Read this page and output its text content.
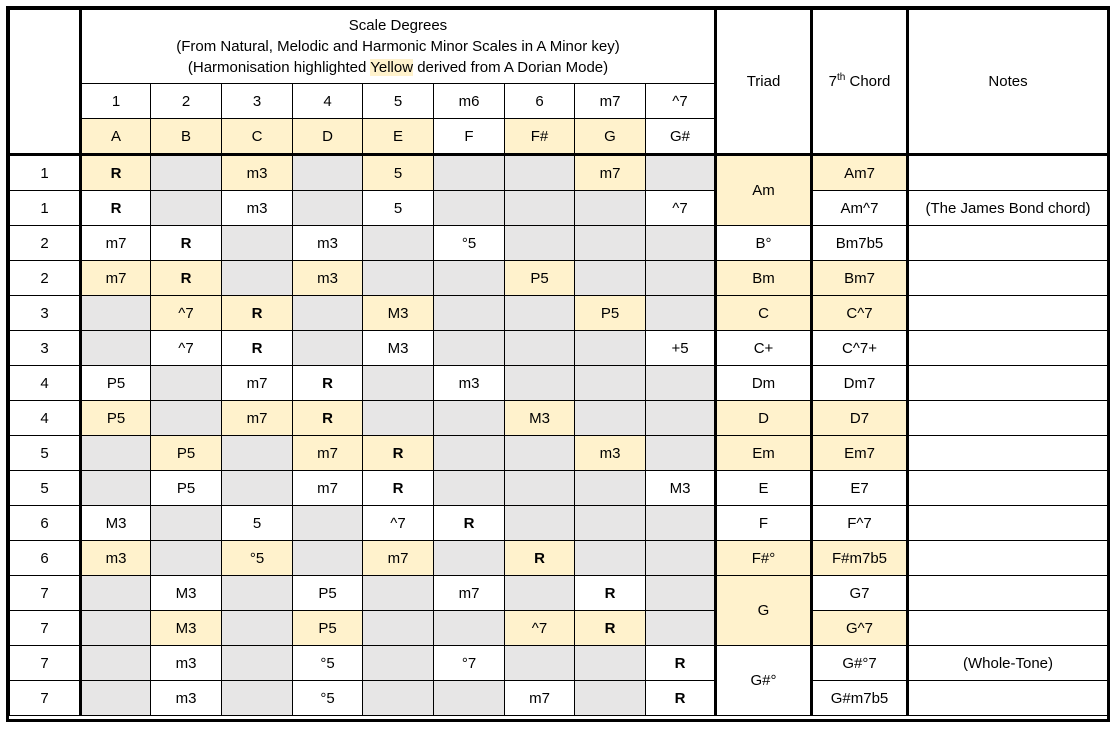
	Scale Degrees
(From Natural, Melodic and Harmonic Minor Scales in A Minor key)
(Harmonisation highlighted Yellow derived from A Dorian Mode)									Triad	7th Chord	Notes
	1	2	3	4	5	m6	6	m7	^7			
	A	B	C	D	E	F	F#	G	G#			
1	R		m3		5			m7		Am	Am7	
1	R		m3		5				^7		Am^7	(The James Bond chord)
2	m7	R		m3		°5				B°	Bm7b5	
2	m7	R		m3			P5			Bm	Bm7	
3		^7	R		M3			P5		C	C^7	
3		^7	R		M3				+5	C+	C^7+	
4	P5		m7	R		m3				Dm	Dm7	
4	P5		m7	R			M3			D	D7	
5		P5		m7	R			m3		Em	Em7	
5		P5		m7	R				M3	E	E7	
6	M3		5		^7	R				F	F^7	
6	m3		°5		m7		R			F#°	F#m7b5	
7		M3		P5		m7		R		G	G7	
7		M3		P5			^7	R			G^7	
7		m3		°5		°7			R	G#°	G#°7	(Whole-Tone)
7		m3		°5			m7		R		G#m7b5	
